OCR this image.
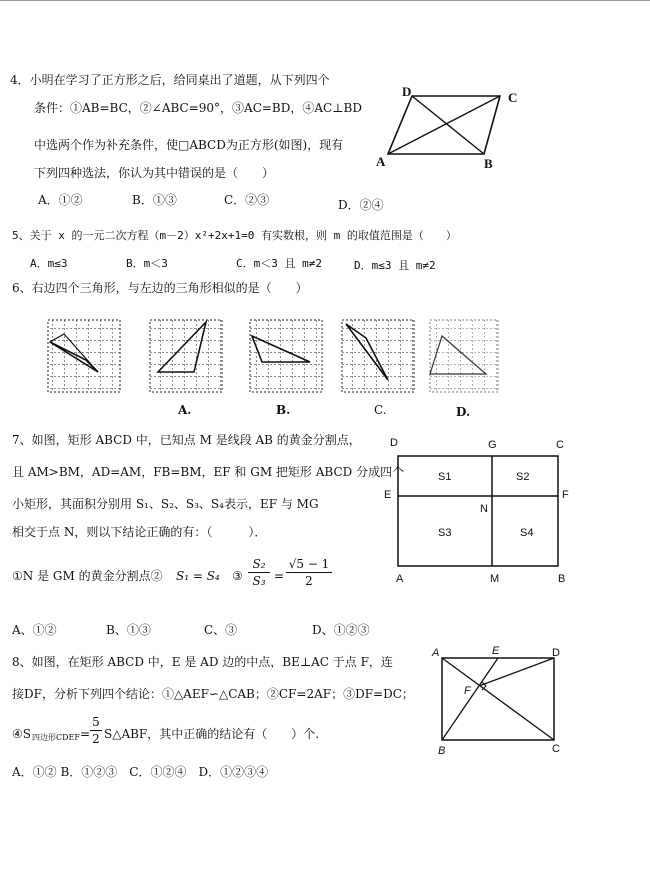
4．小明在学习了正方形之后，给同桌出了道题，从下列四个
条件：①AB=BC，②∠ABC=90°，③AC=BD，④AC⊥BD
中选两个作为补充条件，使□ABCD为正方形(如图)，现有
下列四种选法，你认为其中错误的是（　　）
A．①②	B．①③	C．②③	D．②④
D	C
A	B
5、关于 x 的一元二次方程（m－2）x²+2x+1=0 有实数根，则 m 的取值范围是（　　）
A．m≤3	B．m＜3	C．m＜3 且 m≠2	D．m≤3 且 m≠2
6、右边四个三角形，与左边的三角形相似的是（　　）
A.	B.	C.	D.
7、如图，矩形 ABCD 中，已知点 M 是线段 AB 的黄金分割点，
且 AM>BM，AD=AM，FB=BM，EF 和 GM 把矩形 ABCD 分成四个
小矩形，其面积分别用 S₁、S₂、S₃、S₄表示，EF 与 MG
相交于点 N，则以下结论正确的有：（　　　）．
①N 是 GM 的黄金分割点② S₁ = S₄ ③ $\frac{\text{S₂}}{\text{S₃}} = \frac{√5 - 1}{2}$
A、①②	B、①③	C、③	D、①②③
D	G	C
S1	S2
E	F
N
S3	S4
A	M	B
8、如图，在矩形 ABCD 中，E 是 AD 边的中点，BE⊥AC 于点 F，连
接DF，分析下列四个结论：①△AEF∽△CAB；②CF=2AF；③DF=DC；
④S 四边形CDEF = $\frac{5}{2}$ S△ABF，其中正确的结论有（　　）个.
A．①② B．①②③　C．①②④　D．①②③④
A	E	D
F
B	C
